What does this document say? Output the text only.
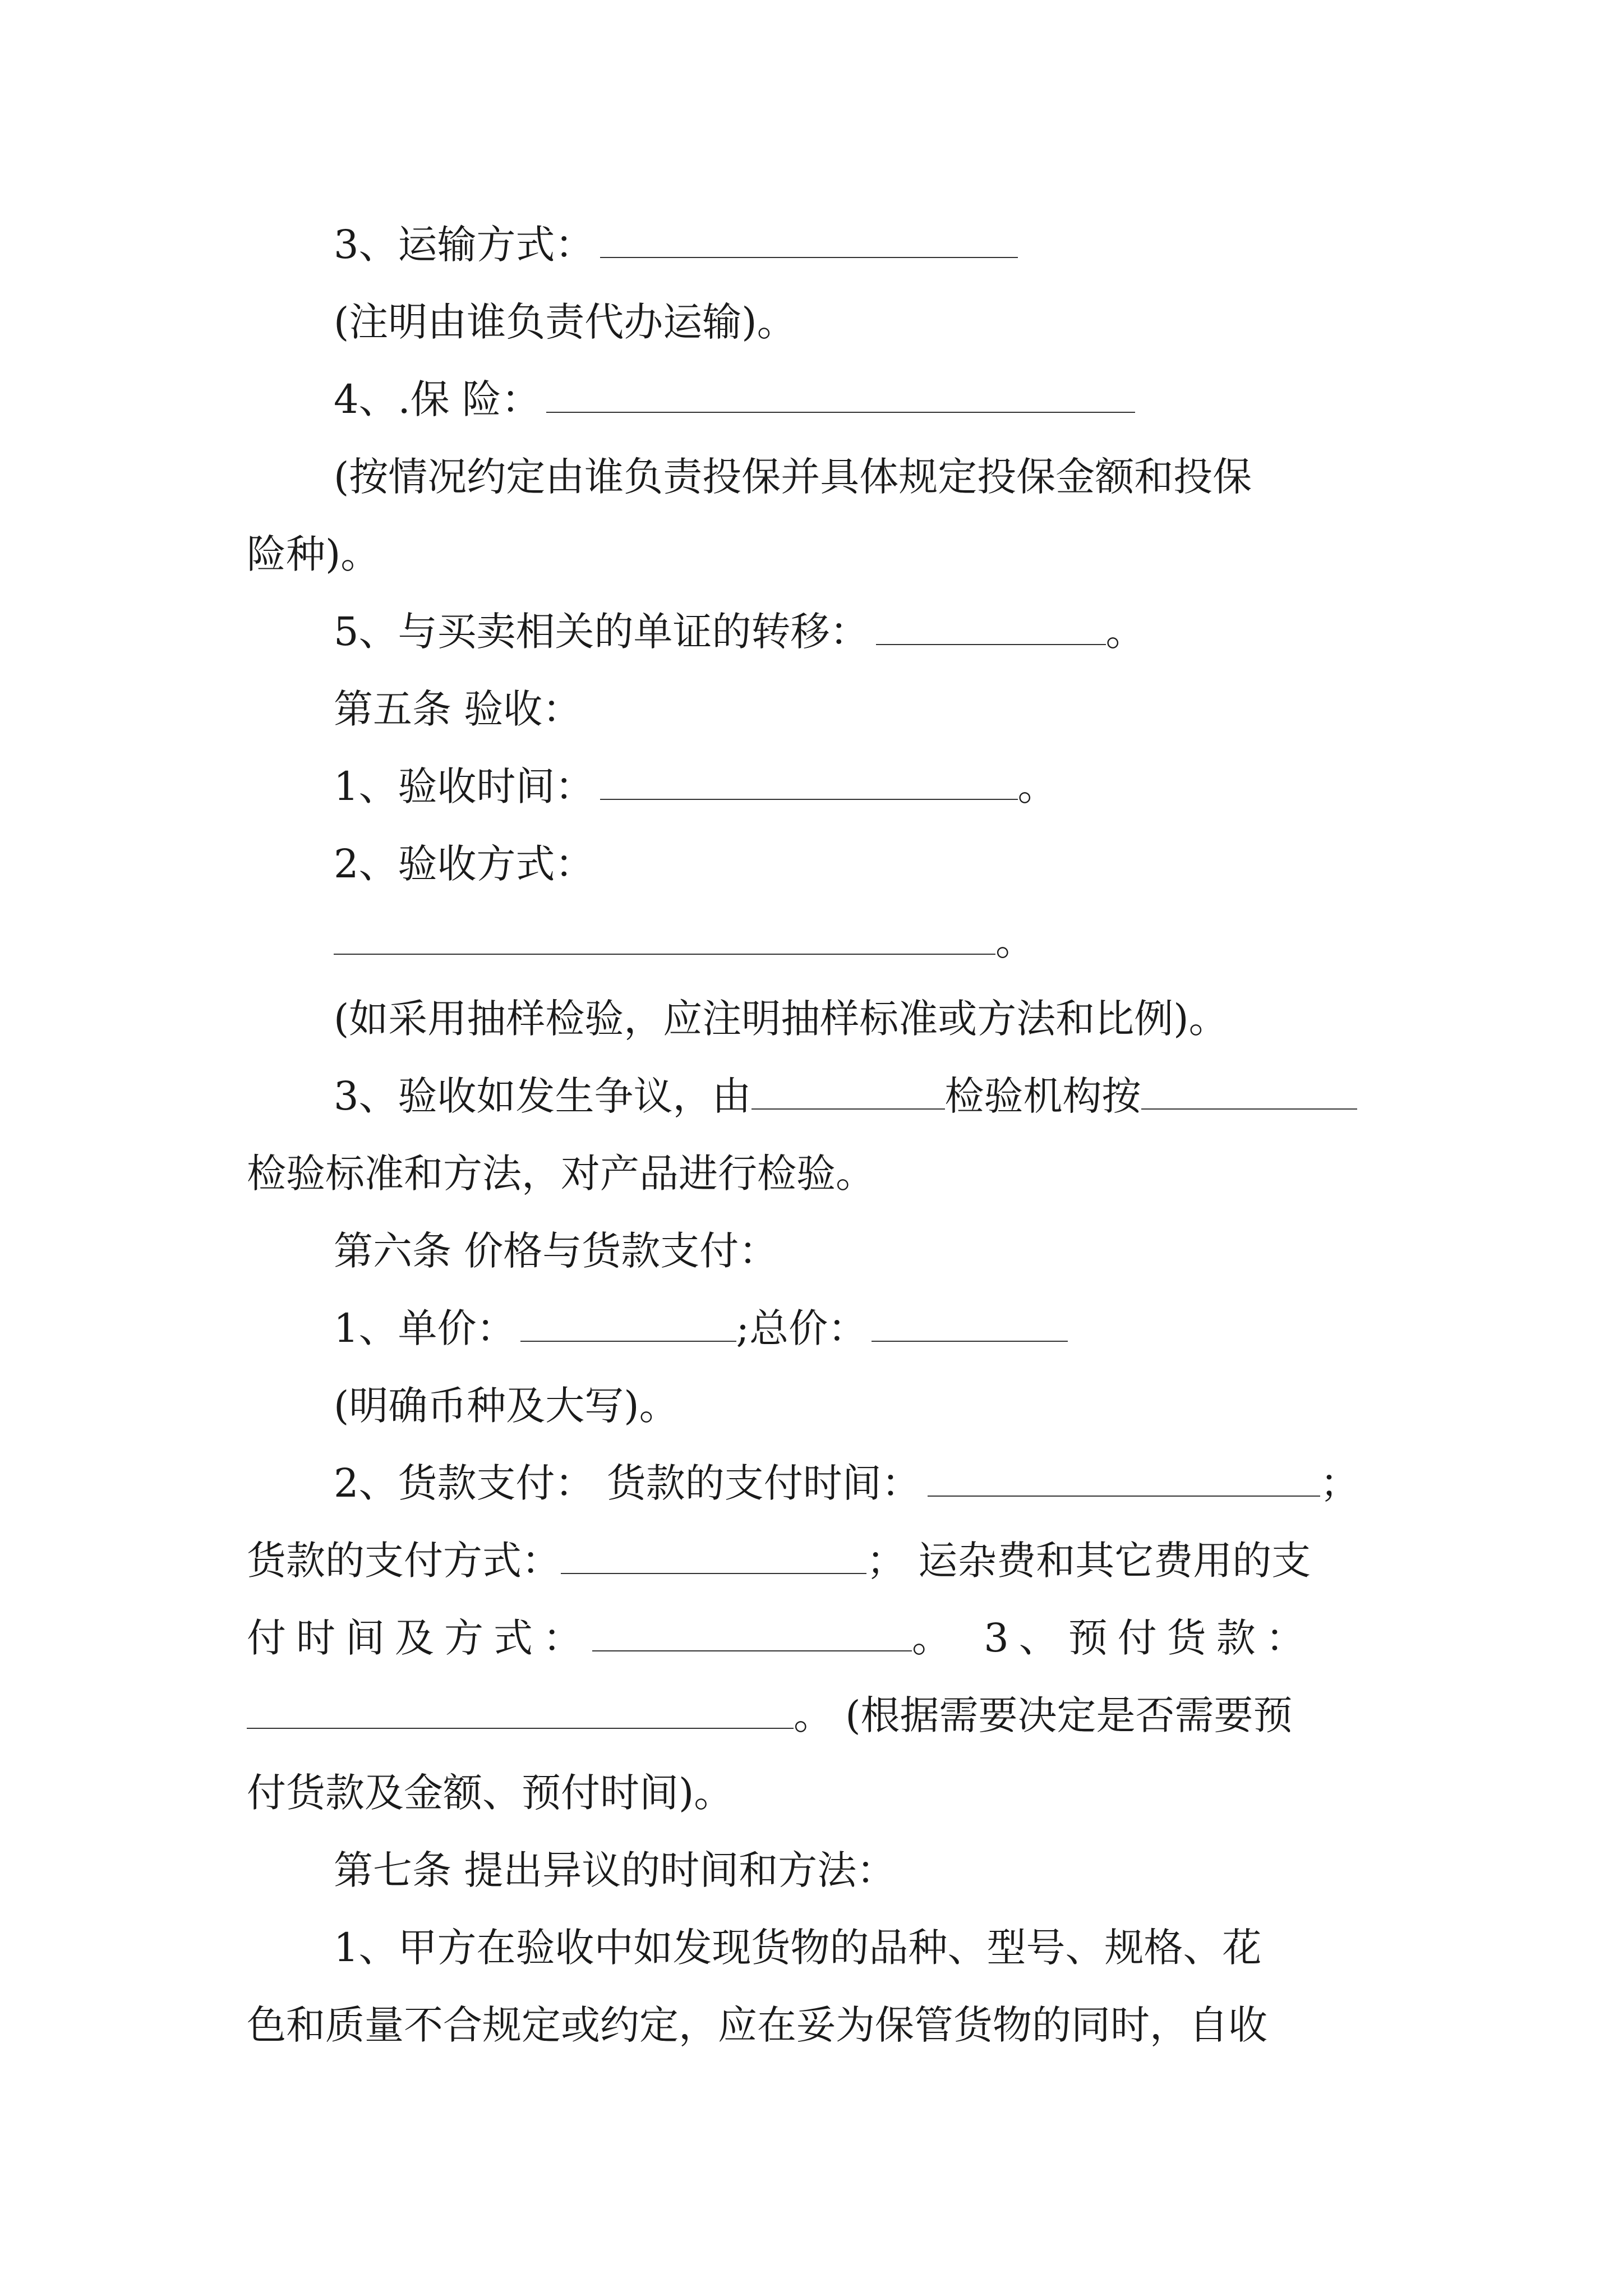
3、运输方式：
(注明由谁负责代办运输)。
4、.保 险：
(按情况约定由谁负责投保并具体规定投保金额和投保
险种)。
5、与买卖相关的单证的转移：	。
第五条 验收：
1、验收时间：	。
2、验收方式：
。
(如采用抽样检验，应注明抽样标准或方法和比例)。
3、验收如发生争议，由	检验机构按
检验标准和方法，对产品进行检验。
第六条 价格与货款支付：
1、单价：	;总价：
(明确币种及大写)。
2、货款支付： 货款的支付时间：	；
货款的支付方式：	； 运杂费和其它费用的支
付时间及方式：	。 3、预付货款：
。 (根据需要决定是否需要预
付货款及金额、预付时间)。
第七条 提出异议的时间和方法：
1、甲方在验收中如发现货物的品种、型号、规格、花
色和质量不合规定或约定，应在妥为保管货物的同时，自收
